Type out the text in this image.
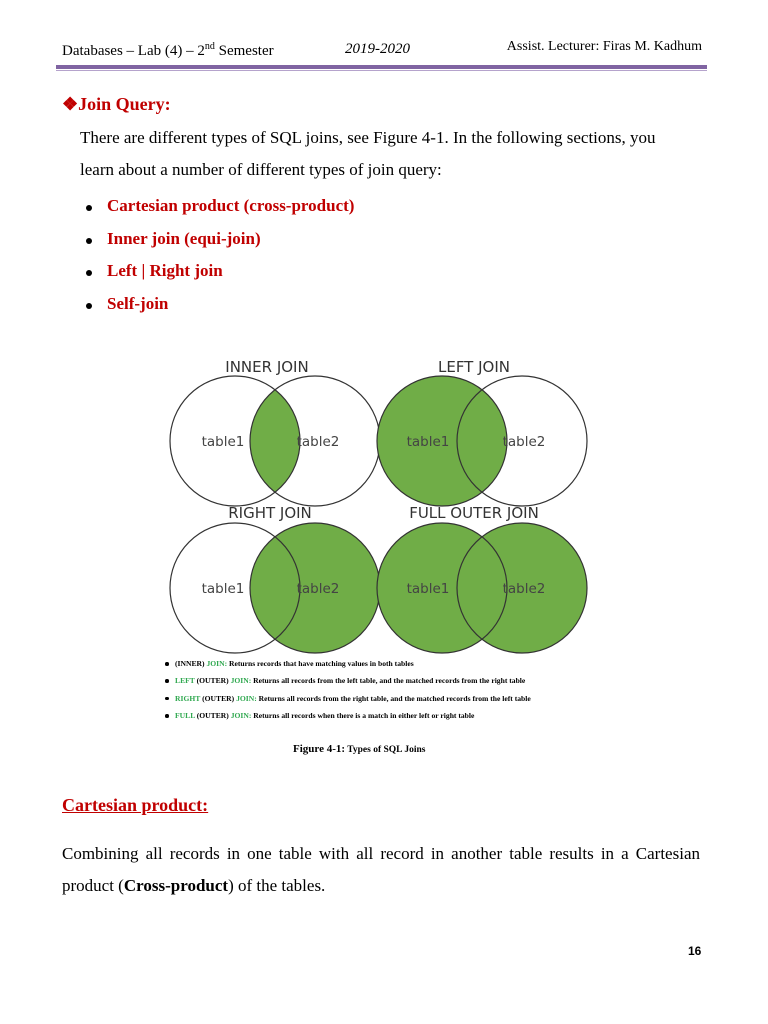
Databases – Lab (4) – 2nd Semester	2019-2020	Assist. Lecturer: Firas M. Kadhum
❖Join Query:
There are different types of SQL joins, see Figure 4-1. In the following sections, you
learn about a number of different types of join query:
Cartesian product (cross-product)
Inner join (equi-join)
Left | Right join
Self-join
INNER JOIN
table1	table2
LEFT JOIN
table1	table2
RIGHT JOIN
table1	table2
FULL OUTER JOIN
table1	table2
(INNER) JOIN: Returns records that have matching values in both tables
LEFT (OUTER) JOIN: Returns all records from the left table, and the matched records from the right table
RIGHT (OUTER) JOIN: Returns all records from the right table, and the matched records from the left table
FULL (OUTER) JOIN: Returns all records when there is a match in either left or right table
Figure 4-1: Types of SQL Joins
Cartesian product:
Combining all records in one table with all record in another table results in a Cartesian product (Cross-product) of the tables.
16
